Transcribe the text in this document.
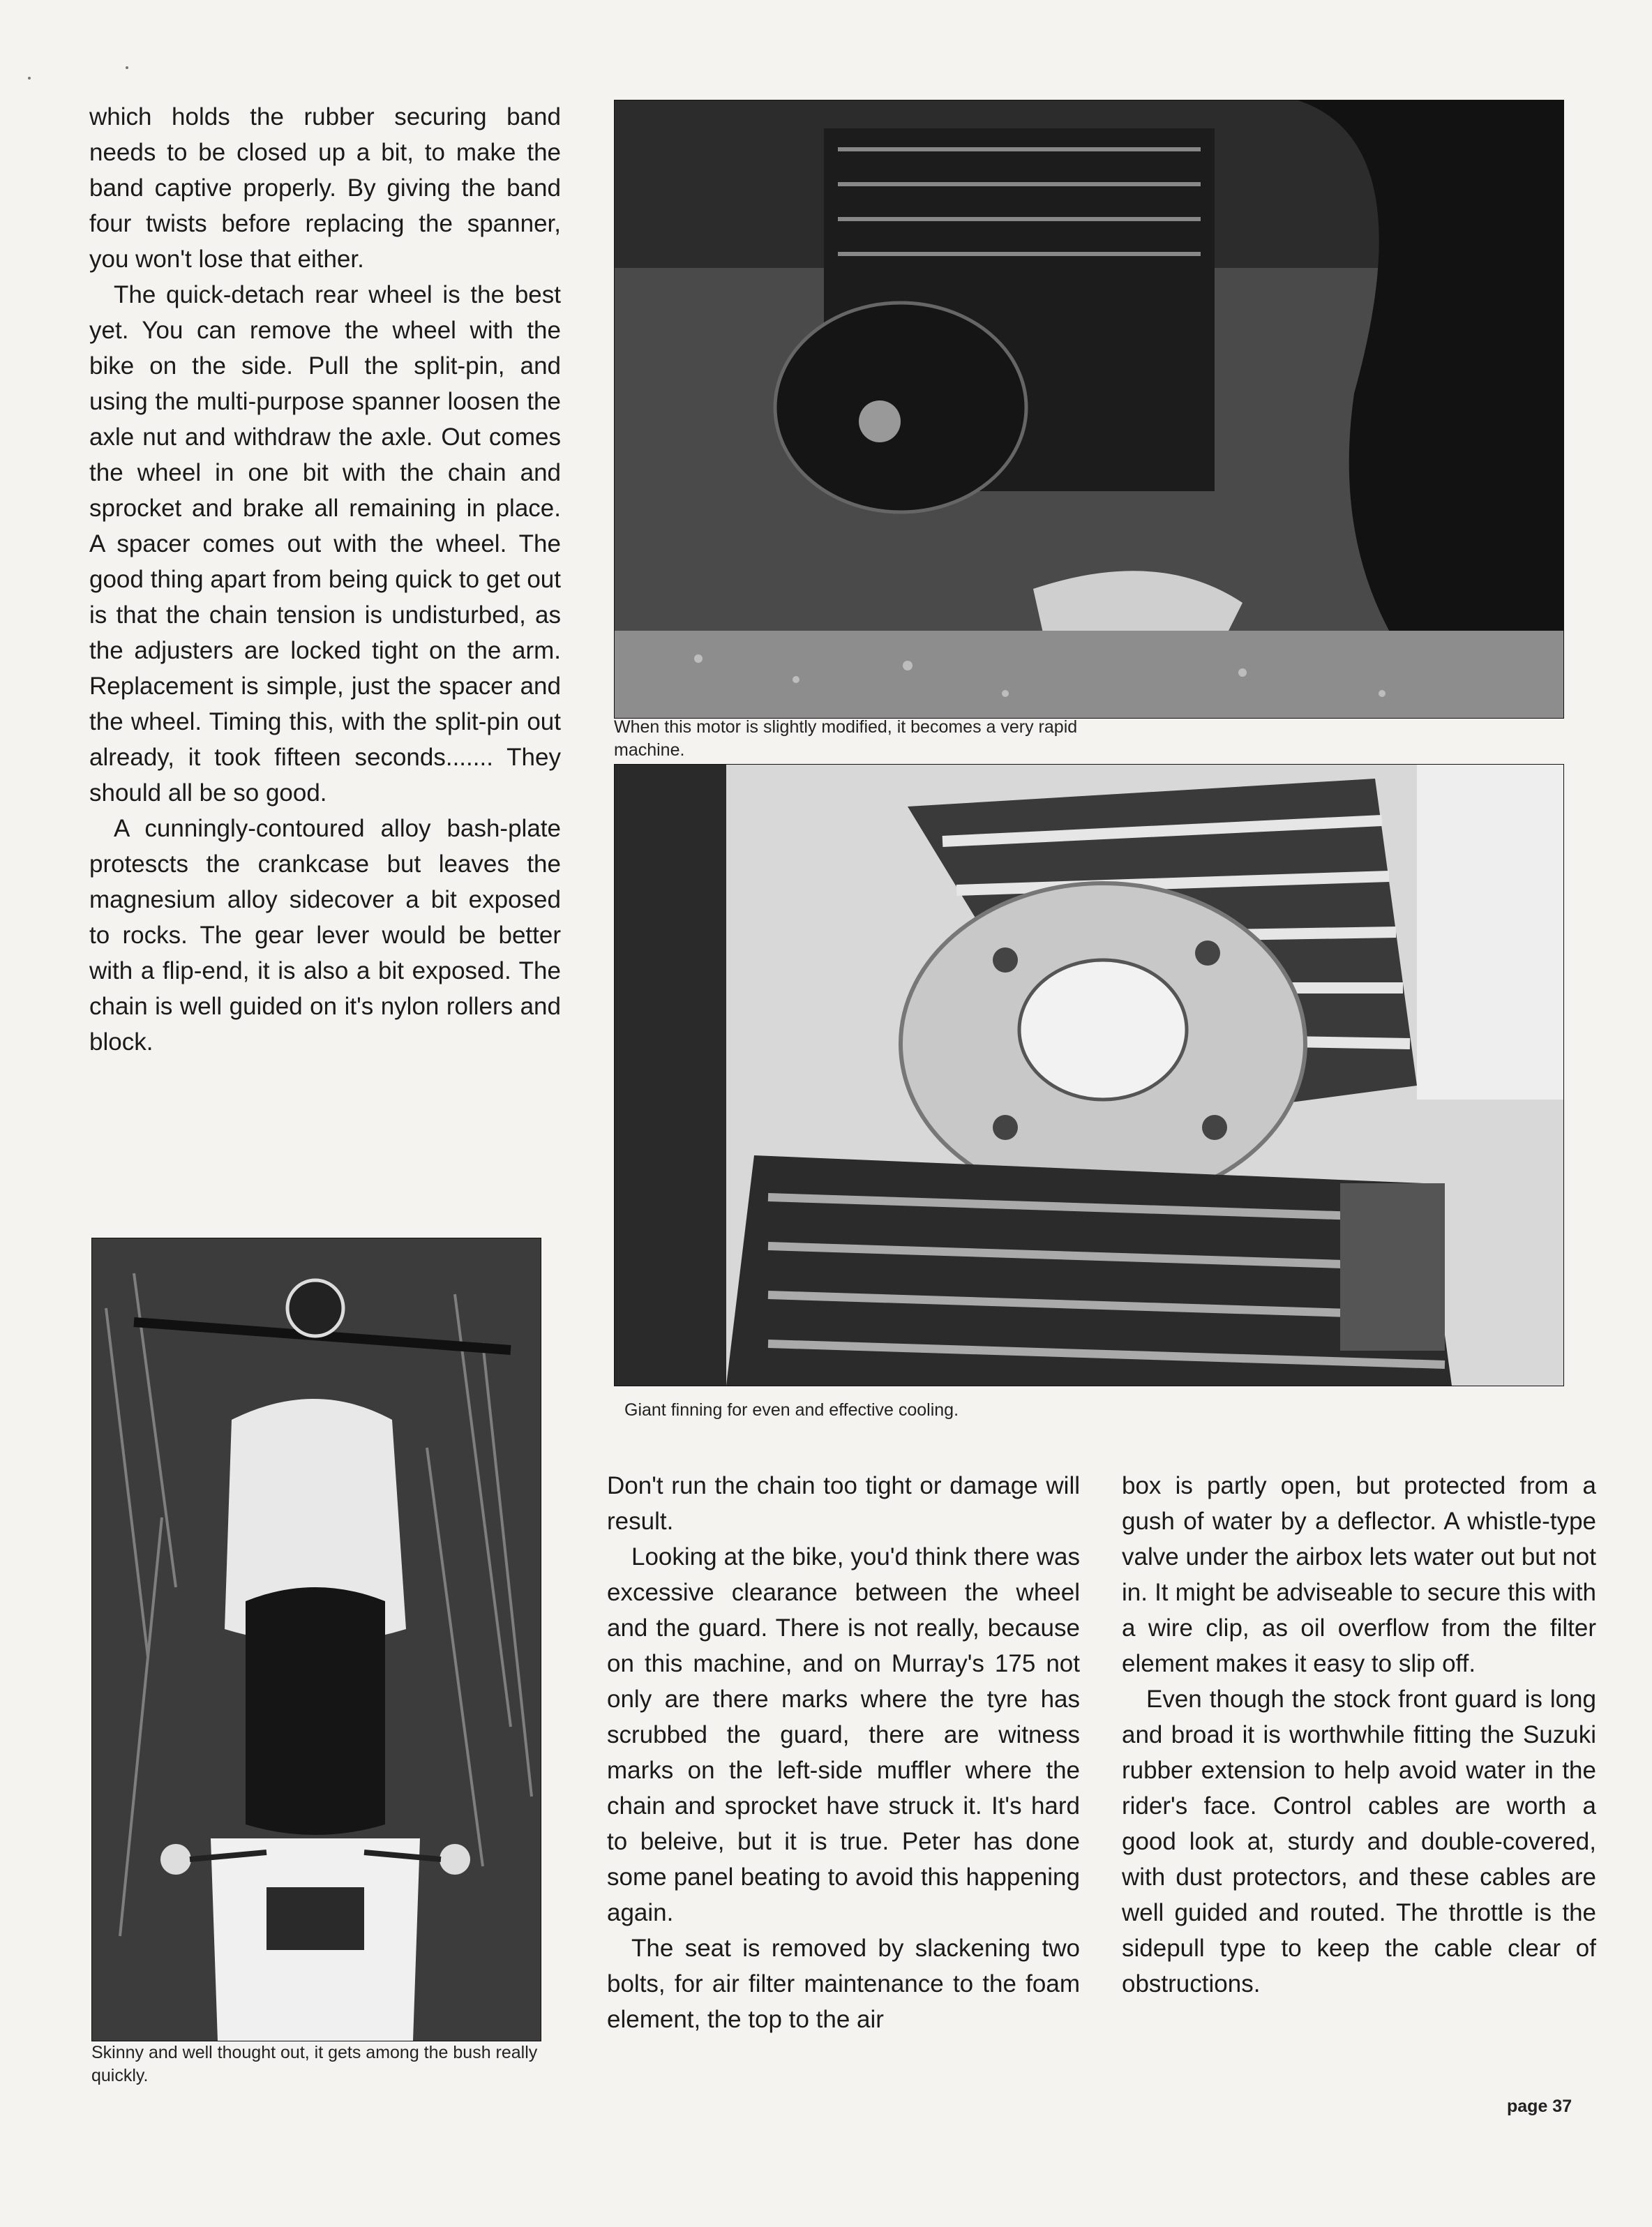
which holds the rubber securing band needs to be closed up a bit, to make the band captive properly. By giving the band four twists before replacing the spanner, you won't lose that either.

The quick-detach rear wheel is the best yet. You can remove the wheel with the bike on the side. Pull the split-pin, and using the multi-purpose spanner loosen the axle nut and withdraw the axle. Out comes the wheel in one bit with the chain and sprocket and brake all remaining in place. A spacer comes out with the wheel. The good thing apart from being quick to get out is that the chain tension is undisturbed, as the adjusters are locked tight on the arm. Replacement is simple, just the spacer and the wheel. Timing this, with the split-pin out already, it took fifteen seconds....... They should all be so good.

A cunningly-contoured alloy bash-plate protescts the crankcase but leaves the magnesium alloy sidecover a bit exposed to rocks. The gear lever would be better with a flip-end, it is also a bit exposed. The chain is well guided on it's nylon rollers and block.

When this motor is slightly modified, it becomes a very rapid machine.

Giant finning for even and effective cooling.

Skinny and well thought out, it gets among the bush really quickly.

Don't run the chain too tight or damage will result.

Looking at the bike, you'd think there was excessive clearance between the wheel and the guard. There is not really, because on this machine, and on Murray's 175 not only are there marks where the tyre has scrubbed the guard, there are witness marks on the left-side muffler where the chain and sprocket have struck it. It's hard to beleive, but it is true. Peter has done some panel beating to avoid this happening again.

The seat is removed by slackening two bolts, for air filter maintenance to the foam element, the top to the air

box is partly open, but protected from a gush of water by a deflector. A whistle-type valve under the airbox lets water out but not in. It might be adviseable to secure this with a wire clip, as oil overflow from the filter element makes it easy to slip off.

Even though the stock front guard is long and broad it is worthwhile fitting the Suzuki rubber extension to help avoid water in the rider's face. Control cables are worth a good look at, sturdy and double-covered, with dust protectors, and these cables are well guided and routed. The throttle is the sidepull type to keep the cable clear of obstructions.

page 37
